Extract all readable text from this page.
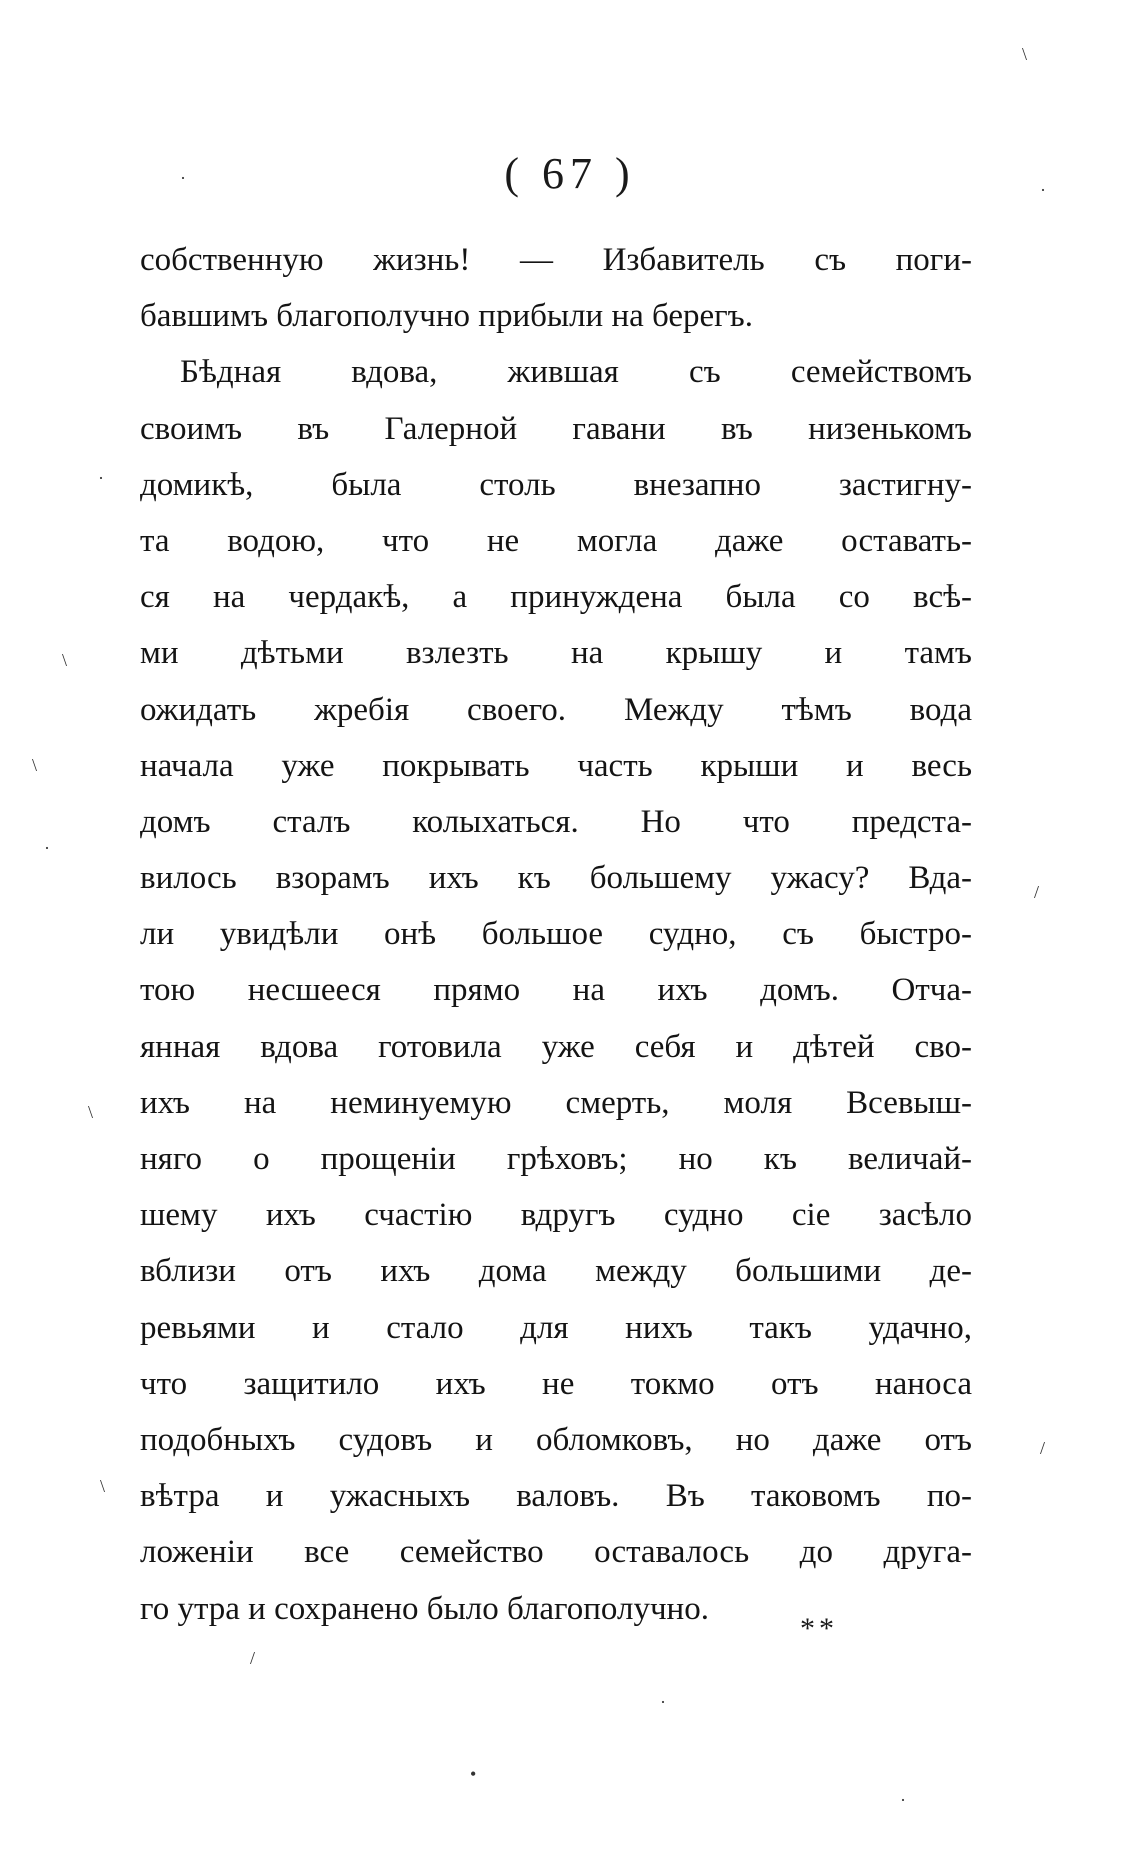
( 67 )
собственную жизнь! — Избавитель съ поги-
бавшимъ благополучно прибыли на берегъ.
Бѣдная вдова, жившая съ семействомъ
своимъ въ Галерной гавани въ низенькомъ
домикѣ, была столь внезапно застигну-
та водою, что не могла даже оставать-
ся на чердакѣ, а принуждена была со всѣ-
ми дѣтьми взлезть на крышу и тамъ
ожидать жребія своего. Между тѣмъ вода
начала уже покрывать часть крыши и весь
домъ сталъ колыхаться. Но что предста-
вилось взорамъ ихъ къ большему ужасу? Вда-
ли увидѣли онѣ большое судно, съ быстро-
тою несшееся прямо на ихъ домъ. Отча-
янная вдова готовила уже себя и дѣтей сво-
ихъ на неминуемую смерть, моля Всевыш-
няго о прощеніи грѣховъ; но къ величай-
шему ихъ счастію вдругъ судно сіе засѣло
вблизи отъ ихъ дома между большими де-
ревьями и стало для нихъ такъ удачно,
что защитило ихъ не токмо отъ наноса
подобныхъ судовъ и обломковъ, но даже отъ
вѣтра и ужасныхъ валовъ. Въ таковомъ по-
ложеніи все семейство оставалось до друга-
го утра и сохранено было благополучно.
**
\
·
·
·
\
\
·
/
\
/
\
/
•
·
·
